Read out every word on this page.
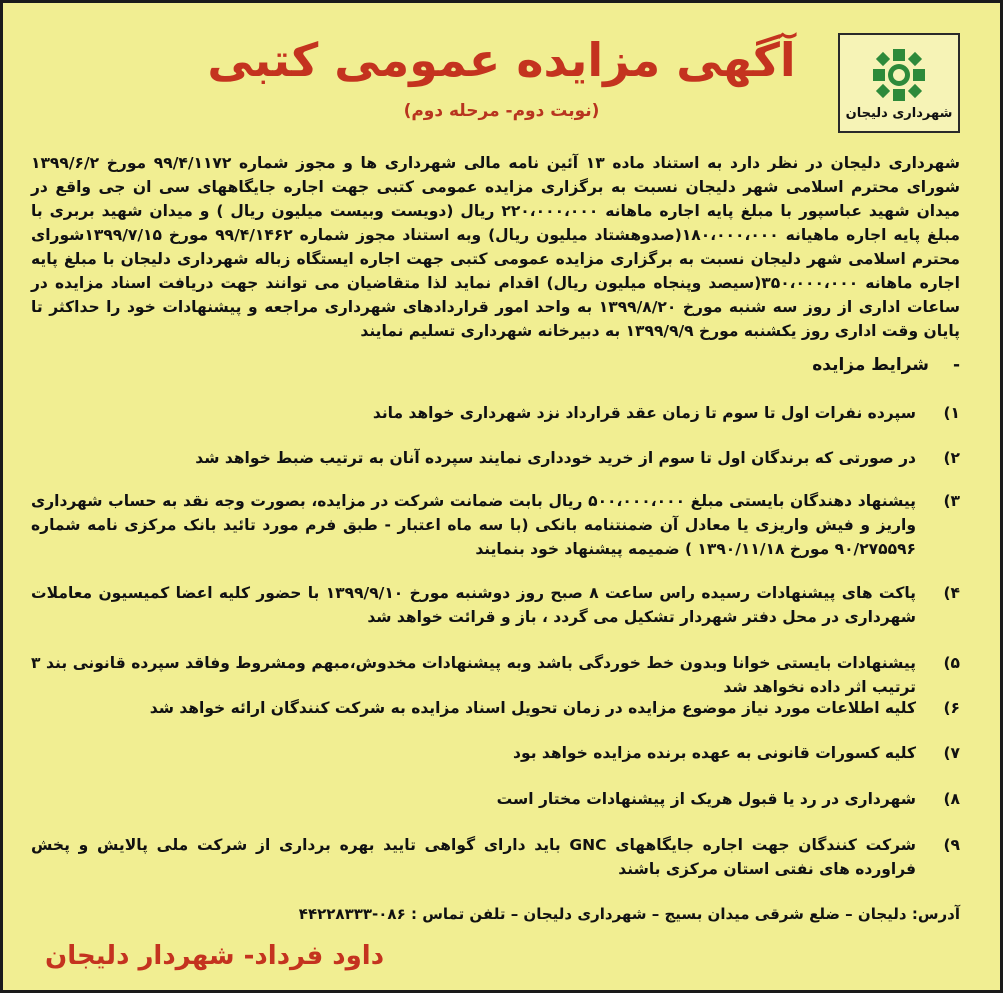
شهرداری دلیجان
آگهی مزایده عمومی کتبی
(نوبت دوم- مرحله دوم)
شهرداری دلیجان در نظر دارد به استناد ماده ۱۳ آئین نامه مالی شهرداری ها و مجوز شماره ۹۹/۴/۱۱۷۲ مورخ ۱۳۹۹/۶/۲ شورای محترم اسلامی شهر دلیجان نسبت به برگزاری مزایده عمومی کتبی جهت اجاره جایگاههای سی ان جی واقع در میدان شهید عباسپور با مبلغ پایه اجاره ماهانه ۲۲۰،۰۰۰،۰۰۰ ریال (دویست وبیست میلیون ریال ) و میدان شهید بربری با مبلغ پایه اجاره ماهیانه ۱۸۰،۰۰۰،۰۰۰(صدوهشتاد میلیون ریال) وبه استناد مجوز شماره ۹۹/۴/۱۴۶۲ مورخ ۱۳۹۹/۷/۱۵شورای محترم اسلامی شهر دلیجان نسبت به برگزاری مزایده عمومی کتبی جهت اجاره ایستگاه زباله شهرداری دلیجان با مبلغ پایه اجاره ماهانه ۳۵۰،۰۰۰،۰۰۰(سیصد وپنجاه میلیون ریال) اقدام نماید لذا متقاضیان می توانند جهت دریافت اسناد مزایده در ساعات اداری از روز سه شنبه مورخ ۱۳۹۹/۸/۲۰ به واحد امور قراردادهای شهرداری مراجعه و پیشنهادات خود را حداکثر تا پایان وقت اداری روز یکشنبه مورخ ۱۳۹۹/۹/۹ به دبیرخانه شهرداری تسلیم نمایند
- شرایط مزایده
۱)
سپرده نفرات اول تا سوم تا زمان عقد قرارداد نزد شهرداری خواهد ماند
۲)
در صورتی که برندگان اول تا سوم از خرید خودداری نمایند سپرده آنان به ترتیب ضبط خواهد شد
۳)
پیشنهاد دهندگان بایستی مبلغ ۵۰۰،۰۰۰،۰۰۰ ریال بابت ضمانت شرکت در مزایده، بصورت وجه نقد به حساب شهرداری واریز و فیش واریزی یا معادل آن ضمنتنامه بانکی (با سه ماه اعتبار - طبق فرم مورد تائید بانک مرکزی نامه شماره ۹۰/۲۷۵۵۹۶ مورخ ۱۳۹۰/۱۱/۱۸ ) ضمیمه پیشنهاد خود بنمایند
۴)
پاکت های پیشنهادات رسیده راس ساعت ۸ صبح روز دوشنبه مورخ ۱۳۹۹/۹/۱۰ با حضور کلیه اعضا کمیسیون معاملات شهرداری در محل دفتر شهردار تشکیل می گردد ، باز و قرائت خواهد شد
۵)
پیشنهادات بایستی خوانا وبدون خط خوردگی باشد وبه پیشنهادات مخدوش،مبهم ومشروط وفاقد سپرده قانونی بند ۳ ترتیب اثر داده نخواهد شد
۶)
کلیه اطلاعات مورد نیاز موضوع مزایده در زمان تحویل اسناد مزایده به شرکت کنندگان ارائه خواهد شد
۷)
کلیه کسورات قانونی به عهده برنده مزایده خواهد بود
۸)
شهرداری در رد یا قبول هریک از پیشنهادات مختار است
۹)
شرکت کنندگان جهت اجاره جایگاههای GNC باید دارای گواهی تایید بهره برداری از شرکت ملی پالایش و پخش فراورده های نفتی استان مرکزی باشند
آدرس: دلیجان – ضلع شرقی میدان بسیج – شهرداری دلیجان – تلفن تماس : ۰۸۶-۴۴۲۲۸۳۳۳
داود فرداد- شهردار دلیجان
